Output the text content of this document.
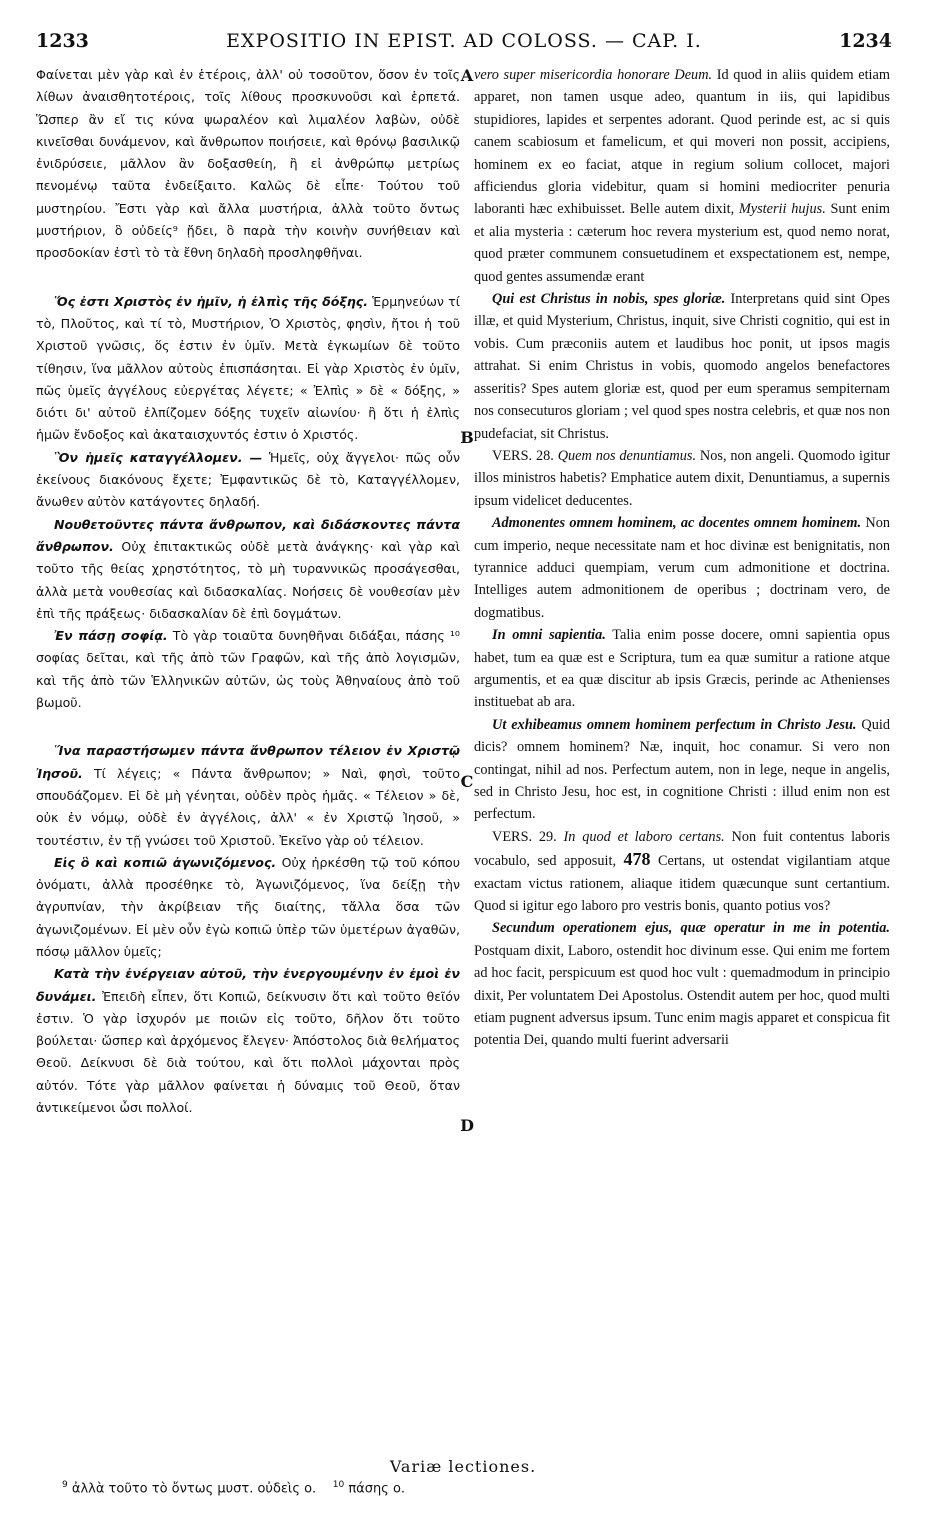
1233	EXPOSITIO IN EPIST. AD COLOSS. — CAP. I.	1234
A
B
C
D

Φαίνεται μὲν γὰρ καὶ ἐν ἑτέροις, ἀλλ' οὐ τοσοῦτον, ὅσον ἐν τοῖς λίθων ἀναισθητοτέροις, τοῖς λίθους προσκυνοῦσι καὶ ἑρπετά. Ὥσπερ ἂν εἴ τις κύνα ψωραλέον καὶ λιμαλέον λαβὼν, οὐδὲ κινεῖσθαι δυνάμενον, καὶ ἄνθρωπον ποιήσειε, καὶ θρόνῳ βασιλικῷ ἐνιδρύσειε, μᾶλλον ἂν δοξασθείη, ἢ εἰ ἀνθρώπῳ μετρίως πενομένῳ ταῦτα ἐνδείξαιτο. Καλῶς δὲ εἶπε· Τούτου τοῦ μυστηρίου. Ἔστι γὰρ καὶ ἄλλα μυστήρια, ἀλλὰ τοῦτο ὄντως μυστήριον, ὃ οὐδείς⁹ ᾔδει, ὃ παρὰ τὴν κοινὴν συνήθειαν καὶ προσδοκίαν ἐστὶ τὸ τὰ ἔθνη δηλαδὴ προσληφθῆναι.

Ὅς ἐστι Χριστὸς ἐν ἡμῖν, ἡ ἐλπὶς τῆς δόξης. Ἑρμηνεύων τί τὸ, Πλοῦτος, καὶ τί τὸ, Μυστήριον, Ὁ Χριστὸς, φησὶν, ἤτοι ἡ τοῦ Χριστοῦ γνῶσις, ὅς ἐστιν ἐν ὑμῖν. Μετὰ ἐγκωμίων δὲ τοῦτο τίθησιν, ἵνα μᾶλλον αὐτοὺς ἐπισπάσηται. Εἰ γὰρ Χριστὸς ἐν ὑμῖν, πῶς ὑμεῖς ἀγγέλους εὐεργέτας λέγετε; « Ἐλπὶς » δὲ « δόξης, » διότι δι' αὐτοῦ ἐλπίζομεν δόξης τυχεῖν αἰωνίου· ἢ ὅτι ἡ ἐλπὶς ἡμῶν ἔνδοξος καὶ ἀκαταισχυντός ἐστιν ὁ Χριστός.

Ὃν ἡμεῖς καταγγέλλομεν. — Ἡμεῖς, οὐχ ἄγγελοι· πῶς οὖν ἐκείνους διακόνους ἔχετε; Ἐμφαντικῶς δὲ τὸ, Καταγγέλλομεν, ἄνωθεν αὐτὸν κατάγοντες δηλαδή.

Νουθετοῦντες πάντα ἄνθρωπον, καὶ διδάσκοντες πάντα ἄνθρωπον. Οὐχ ἐπιτακτικῶς οὐδὲ μετὰ ἀνάγκης· καὶ γὰρ καὶ τοῦτο τῆς θείας χρηστότητος, τὸ μὴ τυραννικῶς προσάγεσθαι, ἀλλὰ μετὰ νουθεσίας καὶ διδασκαλίας. Νοήσεις δὲ νουθεσίαν μὲν ἐπὶ τῆς πράξεως· διδασκαλίαν δὲ ἐπὶ δογμάτων.

Ἐν πάσῃ σοφίᾳ. Τὸ γὰρ τοιαῦτα δυνηθῆναι διδάξαι, πάσης ¹⁰ σοφίας δεῖται, καὶ τῆς ἀπὸ τῶν Γραφῶν, καὶ τῆς ἀπὸ λογισμῶν, καὶ τῆς ἀπὸ τῶν Ἑλληνικῶν αὐτῶν, ὡς τοὺς Ἀθηναίους ἀπὸ τοῦ βωμοῦ.

Ἵνα παραστήσωμεν πάντα ἄνθρωπον τέλειον ἐν Χριστῷ Ἰησοῦ. Τί λέγεις; « Πάντα ἄνθρωπον; » Ναὶ, φησὶ, τοῦτο σπουδάζομεν. Εἰ δὲ μὴ γένηται, οὐδὲν πρὸς ἡμᾶς. « Τέλειον » δὲ, οὐκ ἐν νόμῳ, οὐδὲ ἐν ἀγγέλοις, ἀλλ' « ἐν Χριστῷ Ἰησοῦ, » τουτέστιν, ἐν τῇ γνώσει τοῦ Χριστοῦ. Ἐκεῖνο γὰρ οὐ τέλειον.

Εἰς ὃ καὶ κοπιῶ ἀγωνιζόμενος. Οὐχ ἠρκέσθη τῷ τοῦ κόπου ὀνόματι, ἀλλὰ προσέθηκε τὸ, Ἀγωνιζόμενος, ἵνα δείξῃ τὴν ἀγρυπνίαν, τὴν ἀκρίβειαν τῆς διαίτης, τἄλλα ὅσα τῶν ἀγωνιζομένων. Εἰ μὲν οὖν ἐγὼ κοπιῶ ὑπὲρ τῶν ὑμετέρων ἀγαθῶν, πόσῳ μᾶλλον ὑμεῖς;

Κατὰ τὴν ἐνέργειαν αὐτοῦ, τὴν ἐνεργουμένην ἐν ἐμοὶ ἐν δυνάμει. Ἐπειδὴ εἶπεν, ὅτι Κοπιῶ, δείκνυσιν ὅτι καὶ τοῦτο θεῖόν ἐστιν. Ὁ γὰρ ἰσχυρόν με ποιῶν εἰς τοῦτο, δῆλον ὅτι τοῦτο βούλεται· ὥσπερ καὶ ἀρχόμενος ἔλεγεν· Ἀπόστολος διὰ θελήματος Θεοῦ. Δείκνυσι δὲ διὰ τούτου, καὶ ὅτι πολλοὶ μάχονται πρὸς αὐτόν. Τότε γὰρ μᾶλλον φαίνεται ἡ δύναμις τοῦ Θεοῦ, ὅταν ἀντικείμενοι ὦσι πολλοί.

vero super misericordia honorare Deum. Id quod in aliis quidem etiam apparet, non tamen usque adeo, quantum in iis, qui lapidibus stupidiores, lapides et serpentes adorant. Quod perinde est, ac si quis canem scabiosum et famelicum, et qui moveri non possit, accipiens, hominem ex eo faciat, atque in regium solium collocet, majori afficiendus gloria videbitur, quam si homini mediocriter penuria laboranti hæc exhibuisset. Belle autem dixit, Mysterii hujus. Sunt enim et alia mysteria : cæterum hoc revera mysterium est, quod nemo norat, quod præter communem consuetudinem et exspectationem est, nempe, quod gentes assumendæ erant

Qui est Christus in nobis, spes gloriæ. Interpretans quid sint Opes illæ, et quid Mysterium, Christus, inquit, sive Christi cognitio, qui est in vobis. Cum præconiis autem et laudibus hoc ponit, ut ipsos magis attrahat. Si enim Christus in vobis, quomodo angelos benefactores asseritis? Spes autem gloriæ est, quod per eum speramus sempiternam nos consecuturos gloriam ; vel quod spes nostra celebris, et quæ nos non pudefaciat, sit Christus.

VERS. 28. Quem nos denuntiamus. Nos, non angeli. Quomodo igitur illos ministros habetis? Emphatice autem dixit, Denuntiamus, a supernis ipsum videlicet deducentes.

Admonentes omnem hominem, ac docentes omnem hominem. Non cum imperio, neque necessitate nam et hoc divinæ est benignitatis, non tyrannice adduci quempiam, verum cum admonitione et doctrina. Intelliges autem admonitionem de operibus ; doctrinam vero, de dogmatibus.

In omni sapientia. Talia enim posse docere, omni sapientia opus habet, tum ea quæ est e Scriptura, tum ea quæ sumitur a ratione atque argumentis, et ea quæ discitur ab ipsis Græcis, perinde ac Athenienses instituebat ab ara.

Ut exhibeamus omnem hominem perfectum in Christo Jesu. Quid dicis? omnem hominem? Næ, inquit, hoc conamur. Si vero non contingat, nihil ad nos. Perfectum autem, non in lege, neque in angelis, sed in Christo Jesu, hoc est, in cognitione Christi : illud enim non est perfectum.

VERS. 29. In quod et laboro certans. Non fuit contentus laboris vocabulo, sed apposuit, 478 Certans, ut ostendat vigilantiam atque exactam victus rationem, aliaque itidem quæcunque sunt certantium. Quod si igitur ego laboro pro vestris bonis, quanto potius vos?

Secundum operationem ejus, quæ operatur in me in potentia. Postquam dixit, Laboro, ostendit hoc divinum esse. Qui enim me fortem ad hoc facit, perspicuum est quod hoc vult : quemadmodum in principio dixit, Per voluntatem Dei Apostolus. Ostendit autem per hoc, quod multi etiam pugnent adversus ipsum. Tunc enim magis apparet et conspicua fit potentia Dei, quando multi fuerint adversarii

Variæ lectiones.
$^9$ ἀλλὰ τοῦτο τὸ ὄντως μυστ. οὐδεὶς ο. $^{10}$ πάσης ο.
